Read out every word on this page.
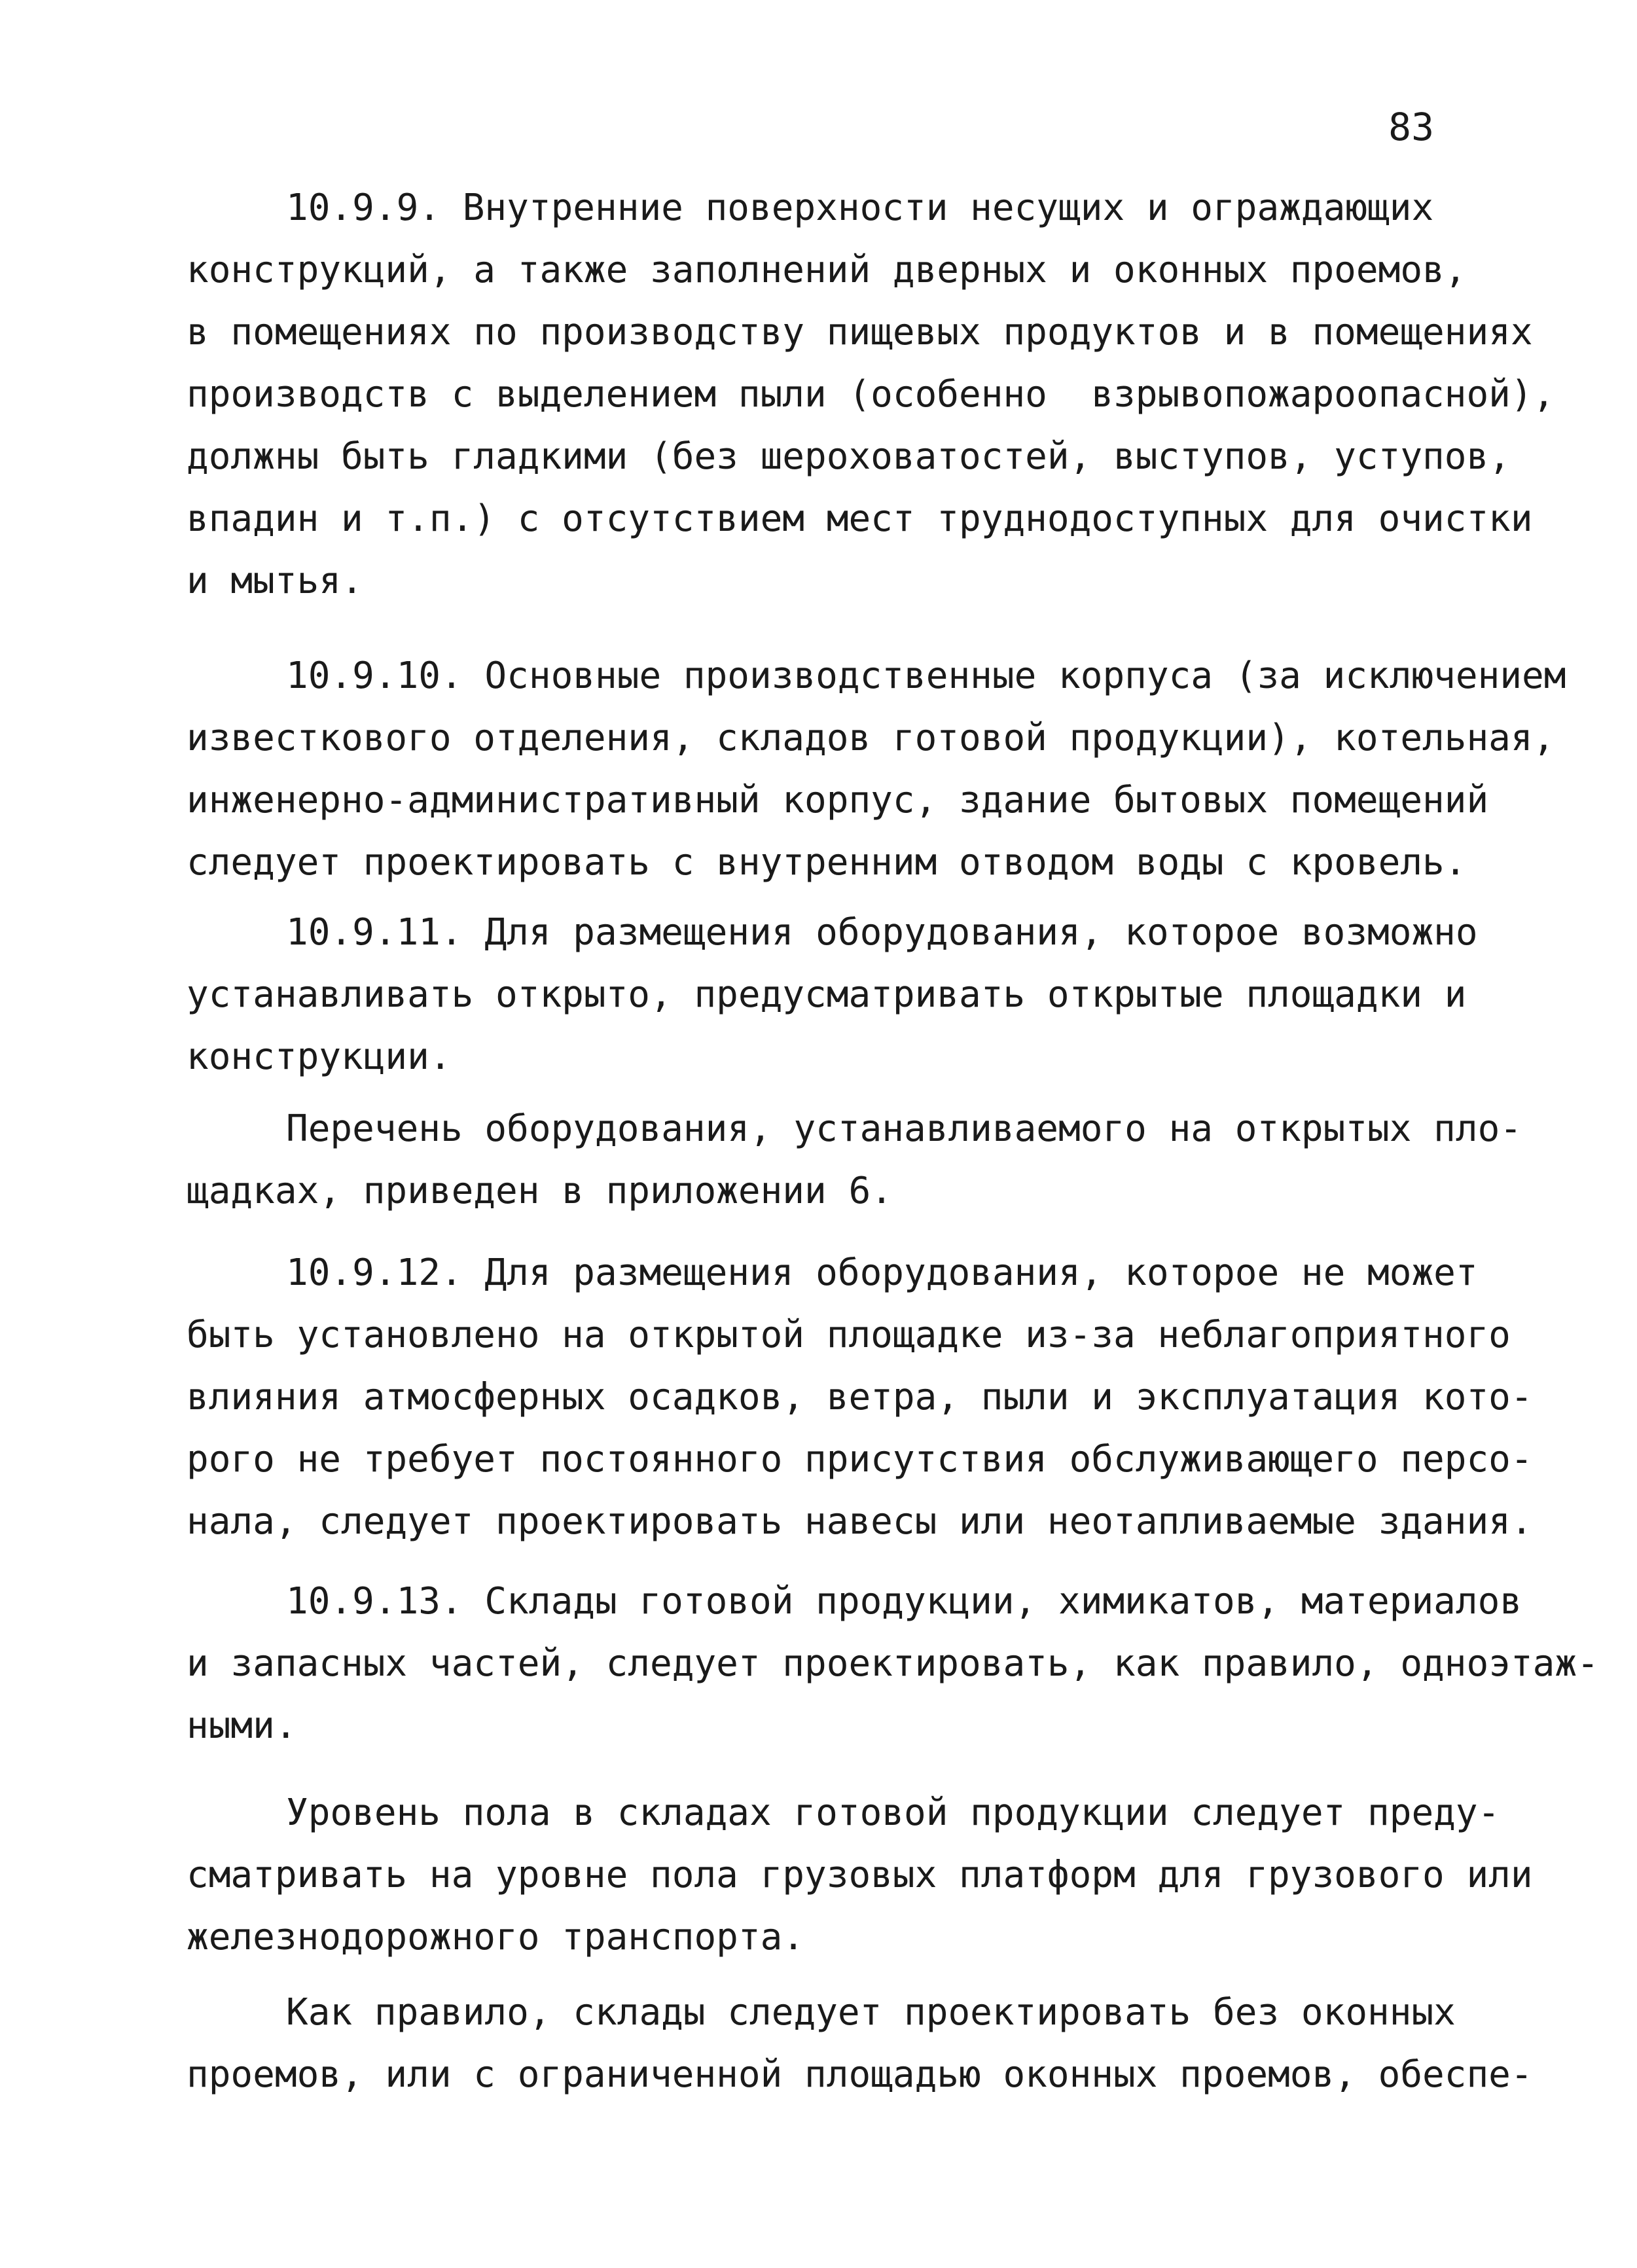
83
10.9.9. Внутренние поверхности несущих и ограждающих
конструкций, а также заполнений дверных и оконных проемов,
в помещениях по производству пищевых продуктов и в помещениях
производств с выделением пыли (особенно  взрывопожароопасной),
должны быть гладкими (без шероховатостей, выступов, уступов,
впадин и т.п.) с отсутствием мест труднодоступных для очистки
и мытья.
10.9.10. Основные производственные корпуса (за исключением
известкового отделения, складов готовой продукции), котельная,
инженерно-административный корпус, здание бытовых помещений
следует проектировать с внутренним отводом воды с кровель.
10.9.11. Для размещения оборудования, которое возможно
устанавливать открыто, предусматривать открытые площадки и
конструкции.
Перечень оборудования, устанавливаемого на открытых пло-
щадках, приведен в приложении 6.
10.9.12. Для размещения оборудования, которое не может
быть установлено на открытой площадке из-за неблагоприятного
влияния атмосферных осадков, ветра, пыли и эксплуатация кото-
рого не требует постоянного присутствия обслуживающего персо-
нала, следует проектировать навесы или неотапливаемые здания.
10.9.13. Склады готовой продукции, химикатов, материалов
и запасных частей, следует проектировать, как правило, одноэтаж-
ными.
Уровень пола в складах готовой продукции следует преду-
сматривать на уровне пола грузовых платформ для грузового или
железнодорожного транспорта.
Как правило, склады следует проектировать без оконных
проемов, или с ограниченной площадью оконных проемов, обеспе-
